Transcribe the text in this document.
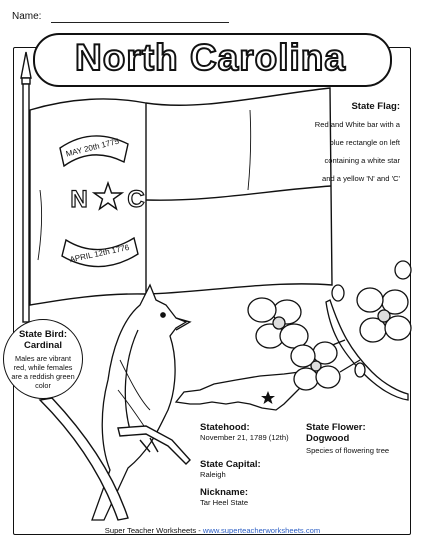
Name:
MAY 20th 1775
APRIL 12th 1776
N C
North Carolina
State Flag:
Red and White bar with a blue rectangle on left containing a white star and a yellow 'N' and 'C'
State Bird: Cardinal
Males are vibrant red, while females are a reddish green color
Statehood:
November 21, 1789 (12th)
State Capital:
Raleigh
Nickname:
Tar Heel State
State Flower: Dogwood
Species of flowering tree
Super Teacher Worksheets - www.superteacherworksheets.com
